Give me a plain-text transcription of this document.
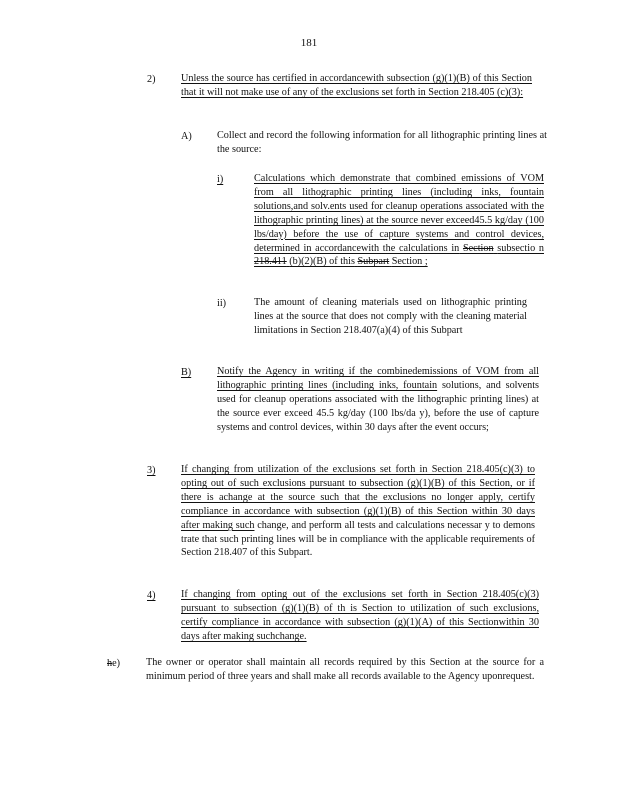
181
2)	Unless the source has certified in accordancewith subsection (g)(1)(B) of this Section that it will not make use of any of the exclusions set forth in Section 218.405 (c)(3):
A) Collect and record the following information for all lithographic printing lines at the source:
i)	Calculations which demonstrate that combined emissions of VOM from all lithographic printing lines (including inks, fountain solutions,and solv.ents used for cleanup operations associated with the lithographic printing lines) at the source never exceed45.5 kg/day (100 lbs/day) before the use of capture systems and control devices, determined in accordancewith the calculations in Section subsectio n 218.411 (b)(2)(B) of this Subpart Section ;
ii)	The amount of cleaning materials used on lithographic printing lines at the source that does not comply with the cleaning material limitations in Section 218.407(a)(4) of this Subpart
B)	Notify the Agency in writing if the combinedemissions of VOM from all lithographic printing lines (including inks, fountain solutions, and solvents used for cleanup operations associated with the lithographic printing lines) at the source ever exceed 45.5 kg/day (100 lbs/da y), before the use of capture systems and control devices, within 30 days after the event occurs;
3)	If changing from utilization of the exclusions set forth in Section 218.405(c)(3) to opting out of such exclusions pursuant to subsection (g)(1)(B) of this Section, or if there is achange at the source such that the exclusions no longer apply, certify compliance in accordance with subsection (g)(1)(B) of this Section within 30 days after making such change, and perform all tests and calculations necessar y to demons trate that such printing lines will be in compliance with the applicable requirements of Section 218.407 of this Subpart.
4)	If changing from opting out of the exclusions set forth in Section 218.405(c)(3) pursuant to subsection (g)(1)(B) of th is Section to utilization of such exclusions, certify compliance in accordance with subsection (g)(1)(A) of this Sectionwithin 30 days after making suchchange.
he)	The owner or operator shall maintain all records required by this Section at the source for a minimum period of three years and shall make all records available to the Agency uponrequest.
